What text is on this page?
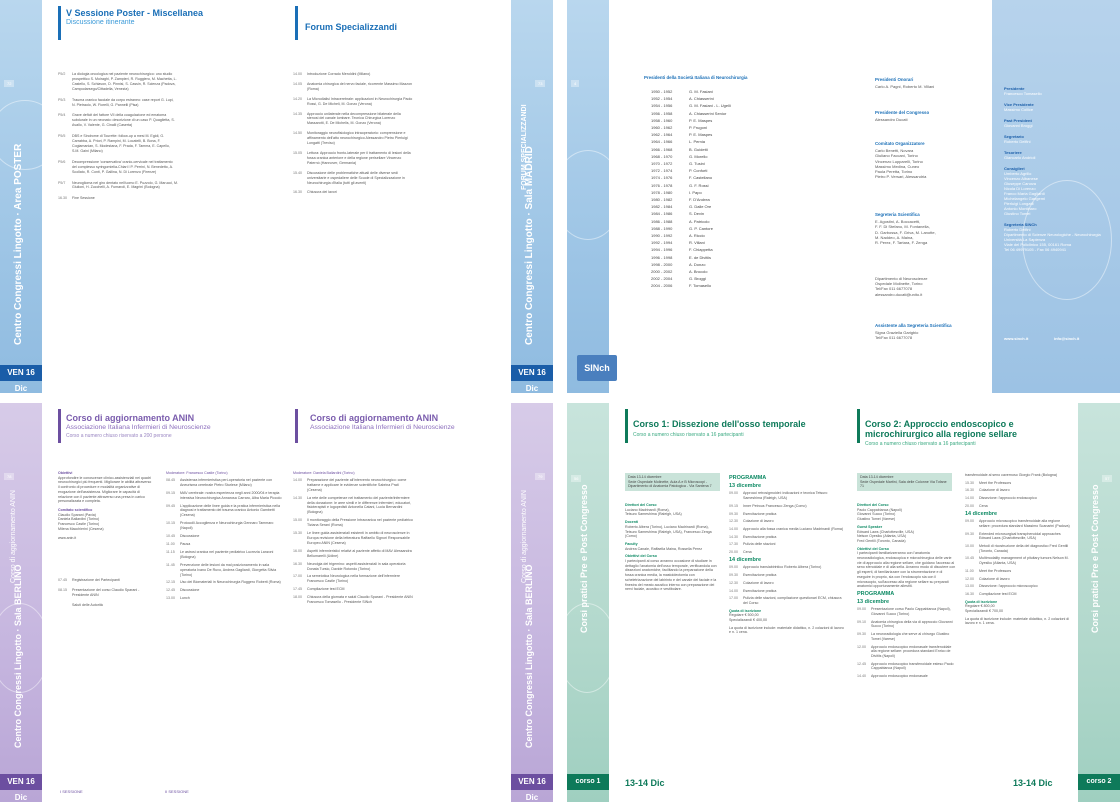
72
Centro Congressi Lingotto · Area POSTER
VEN 16 Dic
V Sessione Poster - Miscellanea
Discussione itinerante
P5/2	La diologia oncologica nel paziente neurochirurgico: uno studio prospettico S. Moiraghi, P. Zampieri, R. Ruggiero, M. Machetta, L. Castello, S. Schiavon, D. Pinnisi, S. Cassin, R. Scienza (Padova, Campodarsego/Cittadella, Venezia)
P5/3	Trauma cranico facciale da corpo estraneo: case report G. Lupi, N. Pietraolo, W. Fiorelli, G. Pannelli (Pisa)
P5/4	Grave deficit del fattore VII della coagulazione ed ematoma subdurale in un neonato: descrizione di un caso P. Quaglietta, S. Avallo, V. Valente, G. Cinalli (Caserta)
P5/5	DBS e Sindrome di Tourette: follow-up a mesi M. Egidi, G. Carrabba, A. Priori, P. Rampini, M. Locatelli, B. Bona, F. Cogiamanian, S. Modestana, F. Prada, F. Tamma, E. Capello, S.M. Gaini (Milano)
P5/6	Decompressione 'conservativa' cranio-cervicale nel trattamento del complesso syringomielia-Chiari I P. Perrini, N. Benedetto, A. Scollato, R. Conti, P. Gallina, N. Di Lorenzo (Firenze)
P5/7	Neuroglioma nel giro dentato nell'uomo E. Puzzolo, G. Marucci, M. Giulioni, H. Zucchelli, A. Fumaroli, E. Magrini (Bologna)
16.30	Fine Sessione
Forum Specializzandi
14.00	Introduzione Corrado Meroldini (Milano)
14.05	Anatomia chirurgica del nervo faciale, ricorrente Massimo Mazzon (Roma)
14.20	La Microdialisi Intracerebrale: applicazioni in Neurochirurgia Paolo Rossi, G. De Micheli, M. Gonzo (Verona)
14.35	Approccio unilaterale nella decompressione bilaterale della stenosi del canale lombare. Tecnica Chirurgica Lorenzo Massarotti, E. De Michelis, M. Gonzo (Verona)
14.50	Monitoraggio neurofisiologico intraoperatorio: comprensione e affinamento dell'atto neurochirurgico Alessandro Pietro Pierluigi Longatti (Treviso)
15.05	Lettura: Approccio fronto-laterale per il trattamento di lesioni della fossa cranica anteriore e della regione perisellare Vincenzo Paternò (Hannover, Germania)
15.40	Discussione delle problematiche attuali delle diverse sedi universitarie e ospedaliere delle Scuole di Specializzazione in Neurochirurgia d'Italia (tutti gli aventi)
16.30	Chiusura dei lavori
73
FORUM SPECIALIZZANDI
Centro Congressi Lingotto · Sala MADRID
VEN 16 Dic
4
Presidenti della Società Italiana di Neurochirurgia
1950 - 1952	G. M. Fasiani
1952 - 1954	A. Chiasserini
1954 - 1956	G. M. Fasiani - L. Ugelli
1956 - 1958	A. Chiasserini Senior
1958 - 1960	P. E. Maspes
1960 - 1962	P. Frugoni
1962 - 1964	P. E. Maspes
1964 - 1966	L. Pernia
1966 - 1968	B. Guidetti
1968 - 1970	G. Morello
1970 - 1972	G. Tusini
1972 - 1974	P. Conforti
1974 - 1976	F. Castellano
1976 - 1978	G. F. Rossi
1978 - 1980	I. Papo
1980 - 1982	F. D'Andrea
1982 - 1984	G. Dalle Ore
1984 - 1986	S. Devin
1986 - 1988	A. Patricolo
1988 - 1990	G. P. Cantore
1990 - 1992	A. Riccio
1992 - 1994	R. Villani
1994 - 1996	F. Chiappetta
1996 - 1998	E. de Divitiis
1998 - 2000	A. Donzo
2000 - 2002	A. Brocolo
2002 - 2004	G. Broggi
2004 - 2006	F. Tomasello
Presidenti Onorari
Carlo A. Pagni, Roberto M. Villani
Presidente del Congresso
Alessandro Ducati
Comitato Organizzatore
Carlo Benetti, Novara
Giuliano Faccani, Torino
Vincenzo Lupparelli, Torino
Massimo Medina, Cuneo
Paola Peretta, Torino
Pietro P. Versari, Alessandria
Segreteria Scientifica
E. Agostini, A. Boccacetti,
F. F. Di Stefano, M. Fontanella,
D. Garbossa, F. Griva, M. Lanotte,
M. Naddeo, A. Maina,
R. Perez, F. Tartara, F. Zenga
Dipartimento di Neuroscienze
Ospedale Molinette, Torino
Tel/Fax 011 6677078
alessandro.ducati@unito.it
Assistente alla Segreteria Scientifica
Signa Graziella Garigbio
Tel/Fax 011 6677078
SINch
Presidente
Francesco Tomasello
Vice Presidente
Massimo Collice
Past President
Giovanni Broggi
Segretario
Roberto Delfini
Tesoriere
Giancarlo Andrioli
Consiglieri
Umberto Agrillo
Vincenzo Albanese
Giuseppe Canova
Nicola Di Lorenzo
Franco Maria Gagliardi
Michelangelo Gangemi
Pierluigi Longatti
Antonio Montinaro
Giustino Tomei
Segreteria SINCh
Roberto Delfini
Dipartimento di Scienze Neurologiche - Neurochirurgia
Università La Sapienza
Viale del Policlinico 155, 00161 Roma
Tel 06 49979105 - Fax 06 4940941
www.sinch.it	info@sinch.it
78
Corso di aggiornamento ANIN
Centro Congressi Lingotto · Sala BERLINO
VEN 16 Dic
Corso di aggiornamento ANIN
Associazione Italiana Infermieri di Neuroscienze
Corso a numero chiuso riservato a 200 persone
Corso di aggiornamento ANIN
Associazione Italiana Infermieri di Neuroscienze
Obiettivi
Approfondire le conoscenze clinico-assistenziali nei quadri neurochirurgici più frequenti. Migliorare le abilità attraverso il confronto di procedure e modalità organizzative di erogazione dell'assistenza. Migliorare le capacità di relazione con il paziente attraverso una presa in carico personalizzata e completa.
Comitato scientifico
Claudio Sparani (Pavia)
Daniela Ballardini (Torino)
Francesco Castle (Torino)
Milena Macchierini (Cesena)
www.anin.it
07.45	Registrazione dei Partecipanti
08.15	Presentazione del corso Claudio Sparani - Presidente ANIN
Saluti delle Autorità
Moderatore: Francesco Castle (Torino)
08.45	Assistenza infermieristica peri-operatoria nel paziente con Aneurisma cerebrale Pietro Sturlese (Milano)
09.15	MAV cerebrale: nostra esperienza negli anni 2000/04 e terapia intensiva Neurochirurgica Annarosa Carraro, Alba Maria Piccolo
09.45	L'applicazione delle linee guida e la pratica infermieristica nella diagnosi e trattamento del trauma cranico Antonio Gambetti (Cesena)
10.15	Protocolli Accoglienza e Neurochirurgia Gennaro Tammaro (Napoli)
10.45	Discussione
11.00	Pausa
11.15	Le astrosi cranica nel paziente pediatrico Lucrezia Lanzoni (Bologna)
11.45	Prevenzione delle lesioni da mal posizionamento in sala operatoria Ivano De Ruvo, Andrea Gagliardi, Giorgetta Silvia (Torino)
12.15	Uso dei Biomateriali in Neurochirurgia Ruggero Roberti (Roma)
12.45	Discussione
13.00	Lunch
Moderatore: Daniela Ballardini (Torino)
14.00	Preparazione del paziente all'intervento neurochirurgico: come trattarne e applicare le evidenze scientifiche Sabrina Prati (Cesena)
14.30	La rete delle competenze nel trattamento del paziente/infermiere della donazione: le aree simili e le differenze infermieri, educatori, fisioterapisti e logopedisti Antonella Catani, Lucia Bernardini (Bologna)
15.00	Il monitoraggio della Pressione Intracranica nel paziente pediatrico Tiziana Serani (Roma)
15.30	Le linee guida assistenziali esistenti in ambito di neuroscienze in Europa revisione della letteratura Raffaello Signori Responsabile Europeo ANIN (Cesena)
16.00	Aspetti infermieristici relativi al paziente affetto di MAV Alessandra Bellumarelli (Udine)
16.30	Neurolgia del trigemino: aspetti assistenziali in sala operatoria Donata Tursio, Davide Rotondo (Torino)
17.00	La semeiotica Neurologica nella formazione dell'infermiere Francesco Castle (Torino)
17.45	Compilazione test ECM
18.00	Chiusura della giornata e saluti Claudio Sparani - Presidente ANIN Francesco Tomasello - Presidente SINch
I SESSIONE	II SESSIONE
79
Corso di aggiornamento ANIN
Centro Congressi Lingotto · Sala BERLINO
VEN 16 Dic
56
Corsi pratici Pre e Post Congresso
corso 1
Corso 1: Dissezione dell'osso temporale
Corso a numero chiuso riservato a 16 partecipanti
Data 13-14 dicembre
Sede Ospedale Molinette, Aula A e B Microscopi - Dipartimento di Anatomia Patologica - Via Santena 7
Direttori del Corso
Luciano Madrinardi (Roma),
Tetsuro Sameshima (Raleigh, USA)
Docenti
Roberto Albera (Torino), Luciano Madrinardi (Roma), Tetsuro Sameshima (Raleigh, USA), Francesco Zenga (Como)
Faculty
Andrea Canale, Raffaella Maina, Rossella Perez
Obiettivi del Corso
I partecipanti al corso avranno occasione di studiare in dettaglio l'anatomia dell'osso temporale, verificandola con dissezioni anatomiche, facilitando la preparazione della fossa cranica media, la mastoidectomia con scheletrizzazione del labirinto e del canale del faciale e la finestra del meato acustico interno con preparazione dei nervi faciale, acustico e vestibolare.
PROGRAMMA
13 dicembre
09.00	Approcci retrosigmoidei: indicazioni e tecnica Tetsuro Sameshima (Raleigh, USA)
09.15	Inner Petrous Francesco Zenga (Como)
09.30	Esercitazione pratica
12.30	Colazione di lavoro
14.00	Approccio alla fossa cranica media Luciano Madrinardi (Roma)
14.30	Esercitazione pratica
17.30	Pulizia delle stazioni
20.00	Cena
14 dicembre
09.00	Approccio translabirintico Roberto Albera (Torino)
09.30	Esercitazione pratica
12.30	Colazione di lavoro
14.00	Esercitazione pratica
17.00	Pulizia delle stazioni, compilazione questionari ECM, chiusura del Corso
Quota di iscrizione
Regolare € 500,00
Specializzandi € 400,00
La quota di iscrizione include: materiale didattico, n. 2 colazioni di lavoro e n. 1 cena.
13-14 Dic
Corso 2: Approccio endoscopico e microchirurgico alla regione sellare
Corso a numero chiuso riservato a 16 partecipanti
Data 13-14 dicembre
Sede Ospedale Martini, Sala delle Colonne Via Tofane 71
Direttori del Corso
Paolo Cappabianca (Napoli)
Giovanni Succo (Torino)
Giustino Tomei (Varese)
Guest Speaker
Edward Laws (Charlottesville, USA)
Nelson Oyesiku (Atlanta, USA)
Fred Gentili (Toronto, Canada)
Obiettivi del Corso
I partecipanti familiarizzeranno con l'anatomia neuroradiologica, endoscopica e microchirurgica delle varie vie di approccio alla regione sellare, che guidano l'accesso al seno sfenoidale e di alla sella. Avranno modo di discutere con gli esperti, di familiarizzare con la strumentazione e di eseguire in proprio, sia con l'endoscopio sia con il microscopio, sull'accesso alla regione sellare su preparati anatomici opportunamente allestiti.
PROGRAMMA
13 dicembre
09.00	Presentazione corso Paolo Cappabianca (Napoli), Giovanni Succo (Torino)
09.10	Anatomia chirurgica della via di approccio Giovanni Succo (Torino)
09.30	La neuroradiologia che serve al chirurgo Giustino Tomei (Varese)
12.00	Approccio endoscopico endonasale transfenoidale alla regione sellare: procedura standard Enrico de Divitiis (Napoli)
12.45	Approccio endoscopico transfenoidale esteso Paolo Cappabianca (Napoli)
14.40	Approccio endoscopico endonasale
transfenoidale al seno cavernoso Giorgio Frank (Bologna)
15.30	Meet the Professors
16.30	Colazione di lavoro
14.00	Dissezione: l'approccio endoscopico
20.00	Cena
14 dicembre
09.00	Approccio microscopico transfenoidale alla regione sellare: procedura standard Massimo Scanarini (Padova)
09.30	Extended microsurgical transphenoidal approaches Edward Laws (Charlottesville, USA)
10.00	Metodi di ricostruzione della del diagnostico Fred Gentili (Toronto, Canada)
10.45	Multimodality management of pituitary tumors Nelson M. Oyesiku (Atlanta, USA)
11.00	Meet the Professors
12.00	Colazione di lavoro
13.00	Dissezione: l'approccio microscopico
16.30	Compilazione test ECM
Quota di iscrizione
Regolare € 800,00
Specializzandi € 700,00
La quota di iscrizione include: materiale didattico, n. 2 colazioni di lavoro e n. 1 cena.
13-14 Dic
57
Corsi pratici Pre e Post Congresso
corso 2
